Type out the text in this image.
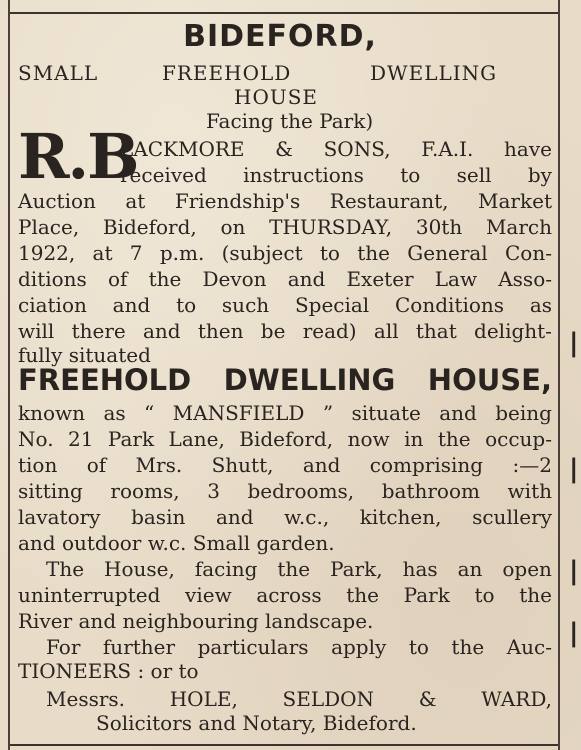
|
|
|
|
BIDEFORD,
SMALL	FREEHOLD	DWELLING
HOUSE
Facing the Park)
R.B
LACKMORE & SONS, F.A.I. have
received instructions to sell by
Auction at Friendship's Restaurant, Market
Place, Bideford, on THURSDAY, 30th March
1922, at 7 p.m. (subject to the General Con-
ditions of the Devon and Exeter Law Asso-
ciation and to such Special Conditions as
will there and then be read) all that delight-
fully situated
FREEHOLD DWELLING HOUSE,
known as “ MANSFIELD ” situate and being
No. 21 Park Lane, Bideford, now in the occup-
tion of Mrs. Shutt, and comprising :—2
sitting rooms, 3 bedrooms, bathroom with
lavatory basin and w.c., kitchen, scullery
and outdoor w.c. Small garden.
The House, facing the Park, has an open
uninterrupted view across the Park to the
River and neighbouring landscape.
For further particulars apply to the Auc-
TIONEERS : or to
Messrs. HOLE, SELDON & WARD,
Solicitors and Notary, Bideford.
